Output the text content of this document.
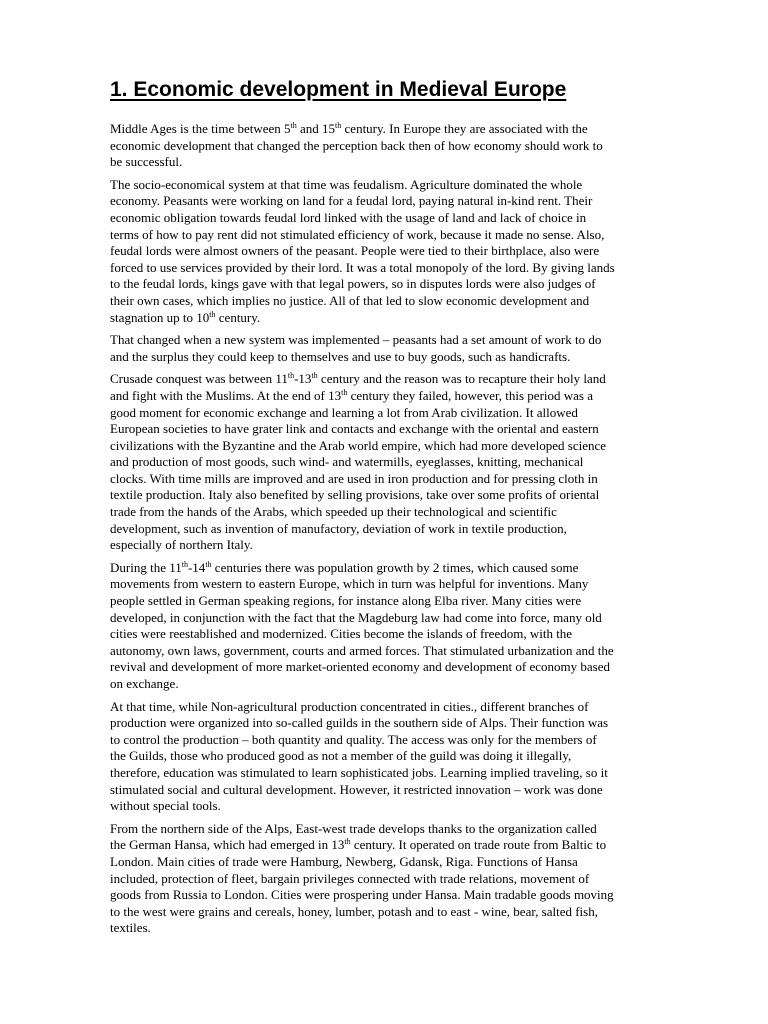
1. Economic development in Medieval Europe
Middle Ages is the time between 5th and 15th century. In Europe they are associated with the
economic development that changed the perception back then of how economy should work to
be successful.
The socio-economical system at that time was feudalism. Agriculture dominated the whole
economy. Peasants were working on land for a feudal lord, paying natural in-kind rent. Their
economic obligation towards feudal lord linked with the usage of land and lack of choice in
terms of how to pay rent did not stimulated efficiency of work, because it made no sense. Also,
feudal lords were almost owners of the peasant. People were tied to their birthplace, also were
forced to use services provided by their lord. It was a total monopoly of the lord. By giving lands
to the feudal lords, kings gave with that legal powers, so in disputes lords were also judges of
their own cases, which implies no justice. All of that led to slow economic development and
stagnation up to 10th century.
That changed when a new system was implemented – peasants had a set amount of work to do
and the surplus they could keep to themselves and use to buy goods, such as handicrafts.
Crusade conquest was between 11th-13th century and the reason was to recapture their holy land
and fight with the Muslims. At the end of 13th century they failed, however, this period was a
good moment for economic exchange and learning a lot from Arab civilization. It allowed
European societies to have grater link and contacts and exchange with the oriental and eastern
civilizations with the Byzantine and the Arab world empire, which had more developed science
and production of most goods, such wind- and watermills, eyeglasses, knitting, mechanical
clocks. With time mills are improved and are used in iron production and for pressing cloth in
textile production. Italy also benefited by selling provisions, take over some profits of oriental
trade from the hands of the Arabs, which speeded up their technological and scientific
development, such as invention of manufactory, deviation of work in textile production,
especially of northern Italy.
During the 11th-14th centuries there was population growth by 2 times, which caused some
movements from western to eastern Europe, which in turn was helpful for inventions. Many
people settled in German speaking regions, for instance along Elba river. Many cities were
developed, in conjunction with the fact that the Magdeburg law had come into force, many old
cities were reestablished and modernized. Cities become the islands of freedom, with the
autonomy, own laws, government, courts and armed forces. That stimulated urbanization and the
revival and development of more market-oriented economy and development of economy based
on exchange.
At that time, while Non-agricultural production concentrated in cities., different branches of
production were organized into so-called guilds in the southern side of Alps. Their function was
to control the production – both quantity and quality. The access was only for the members of
the Guilds, those who produced good as not a member of the guild was doing it illegally,
therefore, education was stimulated to learn sophisticated jobs. Learning implied traveling, so it
stimulated social and cultural development. However, it restricted innovation – work was done
without special tools.
From the northern side of the Alps, East-west trade develops thanks to the organization called
the German Hansa, which had emerged in 13th century. It operated on trade route from Baltic to
London. Main cities of trade were Hamburg, Newberg, Gdansk, Riga. Functions of Hansa
included, protection of fleet, bargain privileges connected with trade relations, movement of
goods from Russia to London. Cities were prospering under Hansa. Main tradable goods moving
to the west were grains and cereals, honey, lumber, potash and to east - wine, bear, salted fish,
textiles.
